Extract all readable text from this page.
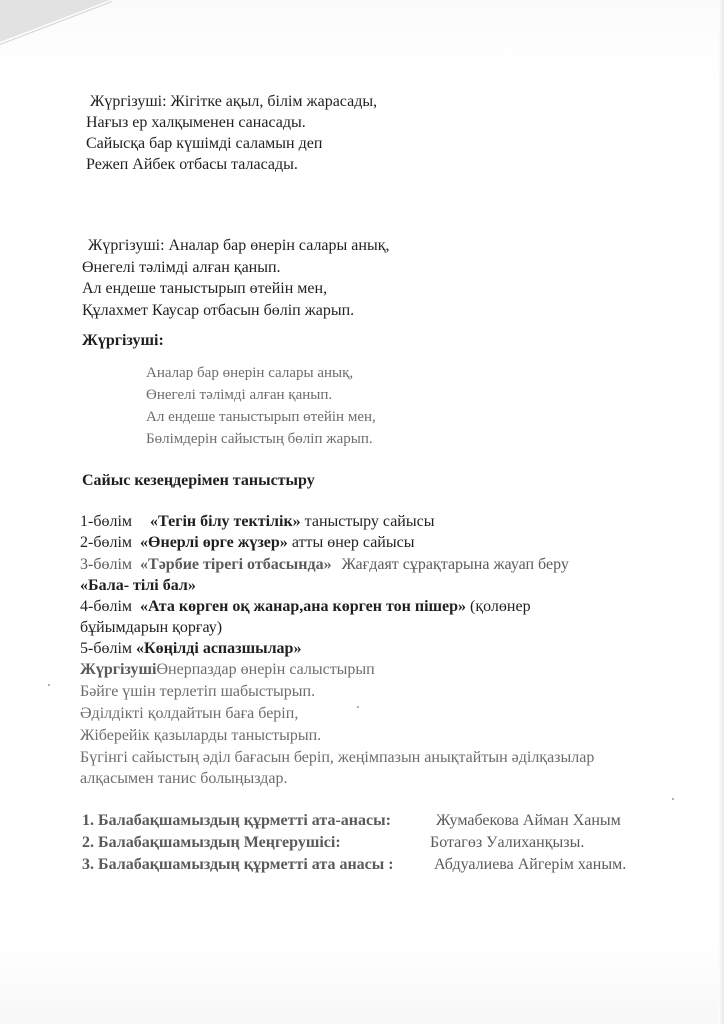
Жүргізуші: Жігітке ақыл, білім жарасады,
Нағыз ер халқыменен санасады.
Сайысқа бар күшімді саламын деп
Режеп Айбек отбасы таласады.
Жүргізуші: Аналар бар өнерін салары анық,
Өнегелі тәлімді алған қанып.
Ал ендеше таныстырып өтейін мен,
Құлахмет Каусар отбасын бөліп жарып.
Жүргізуші:
Аналар бар өнерін салары анық,
Өнегелі тәлімді алған қанып.
Ал ендеше таныстырып өтейін мен,
Бөлімдерін сайыстың бөліп жарып.
Сайыс кезеңдерімен таныстыру
1-бөлім «Тегін білу тектілік» таныстыру сайысы
2-бөлім «Өнерлі өрге жүзер» атты өнер сайысы
3-бөлім «Тәрбие тірегі отбасында» Жағдаят сұрақтарына жауап беру
«Бала- тілі бал»
4-бөлім «Ата көрген оқ жанар,ана көрген тон пішер» (қолөнер
бұйымдарын қорғау)
5-бөлім «Көңілді аспазшылар»
ЖүргізушіӨнерпаздар өнерін салыстырып
Бәйге үшін терлетіп шабыстырып.
Әділдікті қолдайтын баға беріп,
Жіберейік қазыларды таныстырып.
Бүгінгі сайыстың әділ бағасын беріп, жеңімпазын анықтайтын әділқазылар
алқасымен танис болыңыздар.
1. Балабақшамыздың құрметті ата-анасы:	Жумабекова Айман Ханым
2. Балабақшамыздың Меңгерушісі:	Ботагөз Уалиханқызы.
3. Балабақшамыздың құрметті ата анасы :	Абдуалиева Айгерім ханым.
